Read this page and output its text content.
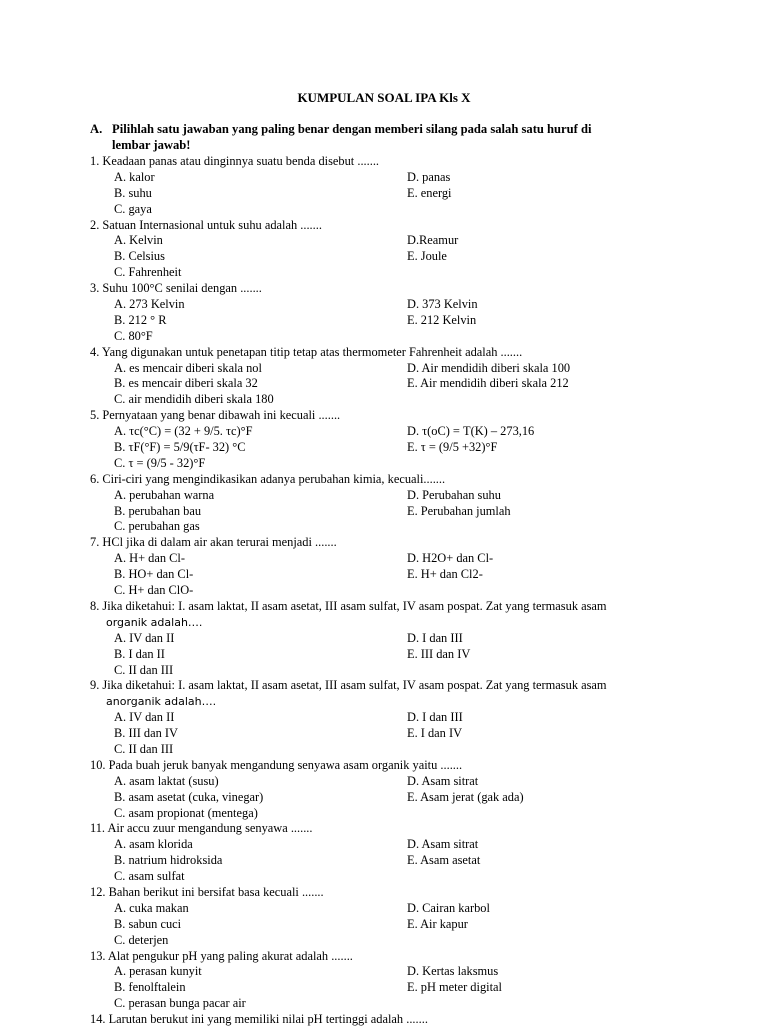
KUMPULAN SOAL IPA Kls X
A. Pilihlah satu jawaban yang paling benar dengan memberi silang pada salah satu huruf di
lembar jawab!
1. Keadaan panas atau dinginnya suatu benda disebut .......
A. kalor	D. panas
B. suhu	E. energi
C. gaya
2. Satuan Internasional untuk suhu adalah .......
A. Kelvin	D.Reamur
B. Celsius	E. Joule
C. Fahrenheit
3. Suhu 100°C senilai dengan .......
A. 273 Kelvin	D. 373 Kelvin
B. 212 ° R	E. 212 Kelvin
C. 80°F
4. Yang digunakan untuk penetapan titip tetap atas thermometer Fahrenheit adalah .......
A. es mencair diberi skala nol	D. Air mendidih diberi skala 100
B. es mencair diberi skala 32	E. Air mendidih diberi skala 212
C. air mendidih diberi skala 180
5. Pernyataan yang benar dibawah ini kecuali .......
A. τc(°C) = (32 + 9/5. τc)°F	D. τ(oC) = T(K) – 273,16
B. τF(°F) = 5/9(τF- 32) °C	E. τ = (9/5 +32)°F
C. τ = (9/5 - 32)°F
6. Ciri-ciri yang mengindikasikan adanya perubahan kimia, kecuali.......
A. perubahan warna	D. Perubahan suhu
B. perubahan bau	E. Perubahan jumlah
C. perubahan gas
7. HCl jika di dalam air akan terurai menjadi .......
A. H+ dan Cl-	D. H2O+ dan Cl-
B. HO+ dan Cl-	E. H+ dan Cl2-
C. H+ dan ClO-
8. Jika diketahui: I. asam laktat, II asam asetat, III asam sulfat, IV asam pospat. Zat yang termasuk asam
organik adalah….
A. IV dan II	D. I dan III
B. I dan II	E. III dan IV
C. II dan III
9. Jika diketahui: I. asam laktat, II asam asetat, III asam sulfat, IV asam pospat. Zat yang termasuk asam
anorganik adalah….
A. IV dan II	D. I dan III
B. III dan IV	E. I dan IV
C. II dan III
10. Pada buah jeruk banyak mengandung senyawa asam organik yaitu .......
A. asam laktat (susu)	D. Asam sitrat
B. asam asetat (cuka, vinegar)	E. Asam jerat (gak ada)
C. asam propionat (mentega)
11. Air accu zuur mengandung senyawa .......
A. asam klorida	D. Asam sitrat
B. natrium hidroksida	E. Asam asetat
C. asam sulfat
12. Bahan berikut ini bersifat basa kecuali .......
A. cuka makan	D. Cairan karbol
B. sabun cuci	E. Air kapur
C. deterjen
13. Alat pengukur pH yang paling akurat adalah .......
A. perasan kunyit	D. Kertas laksmus
B. fenolftalein	E. pH meter digital
C. perasan bunga pacar air
14. Larutan berukut ini yang memiliki nilai pH tertinggi adalah .......
